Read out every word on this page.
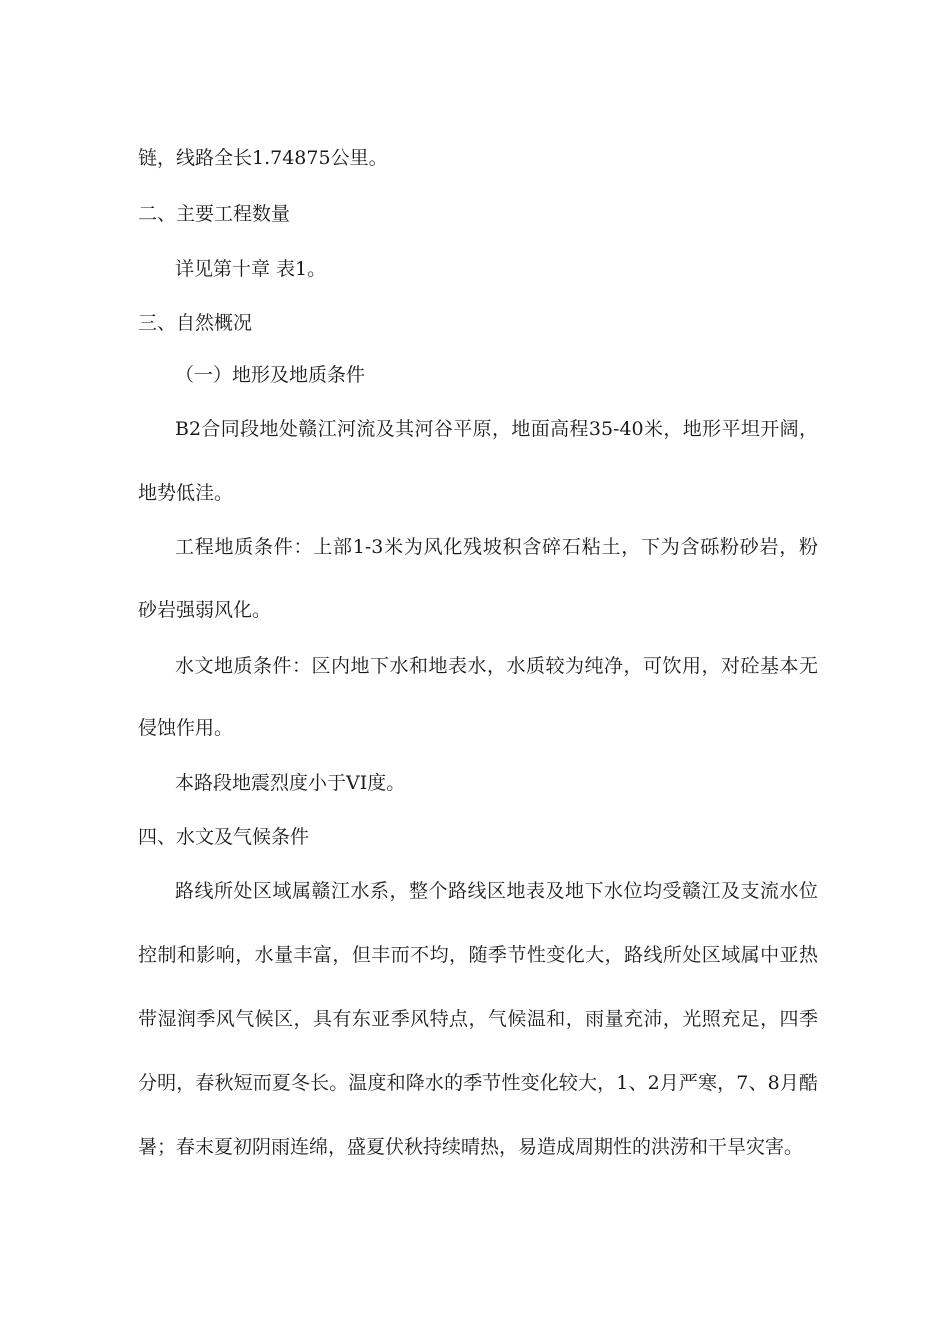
链，线路全长1.74875公里。
二、主要工程数量
详见第十章 表1。
三、自然概况
（一）地形及地质条件
B2合同段地处赣江河流及其河谷平原，地面高程35-40米，地形平坦开阔，
地势低洼。
工程地质条件：上部1-3米为风化残坡积含碎石粘土，下为含砾粉砂岩，粉
砂岩强弱风化。
水文地质条件：区内地下水和地表水，水质较为纯净，可饮用，对砼基本无
侵蚀作用。
本路段地震烈度小于VI度。
四、水文及气候条件
路线所处区域属赣江水系，整个路线区地表及地下水位均受赣江及支流水位
控制和影响，水量丰富，但丰而不均，随季节性变化大，路线所处区域属中亚热
带湿润季风气候区，具有东亚季风特点，气候温和，雨量充沛，光照充足，四季
分明，春秋短而夏冬长。温度和降水的季节性变化较大，1、2月严寒，7、8月酷
暑；春末夏初阴雨连绵，盛夏伏秋持续晴热，易造成周期性的洪涝和干旱灾害。
